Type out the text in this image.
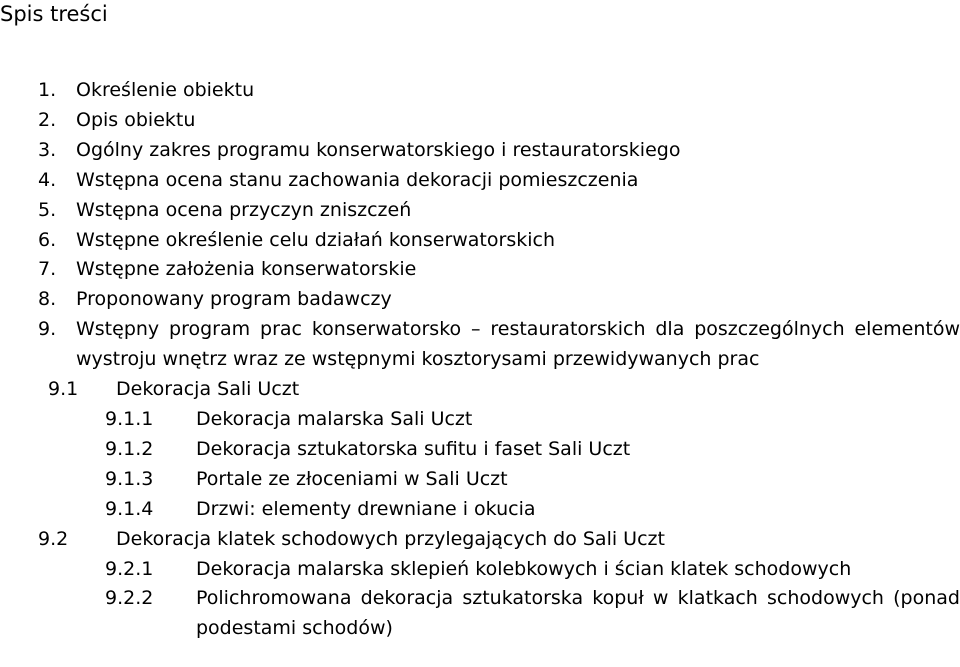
Spis treści
1. Określenie obiektu
2. Opis obiektu
3. Ogólny zakres programu konserwatorskiego i restauratorskiego
4. Wstępna ocena stanu zachowania dekoracji pomieszczenia
5. Wstępna ocena przyczyn zniszczeń
6. Wstępne określenie celu działań konserwatorskich
7. Wstępne założenia konserwatorskie
8. Proponowany program badawczy
9. Wstępny program prac konserwatorsko – restauratorskich dla poszczególnych elementów wystroju wnętrz wraz ze wstępnymi kosztorysami przewidywanych prac
9.1 Dekoracja Sali Uczt
9.1.1 Dekoracja malarska Sali Uczt
9.1.2 Dekoracja sztukatorska sufitu i faset Sali Uczt
9.1.3 Portale ze złoceniami w Sali Uczt
9.1.4 Drzwi: elementy drewniane i okucia
9.2	Dekoracja klatek schodowych przylegających do Sali Uczt
9.2.1 Dekoracja malarska sklepień kolebkowych i ścian klatek schodowych
9.2.2 Polichromowana dekoracja sztukatorska kopuł w klatkach schodowych (ponad podestami schodów)
